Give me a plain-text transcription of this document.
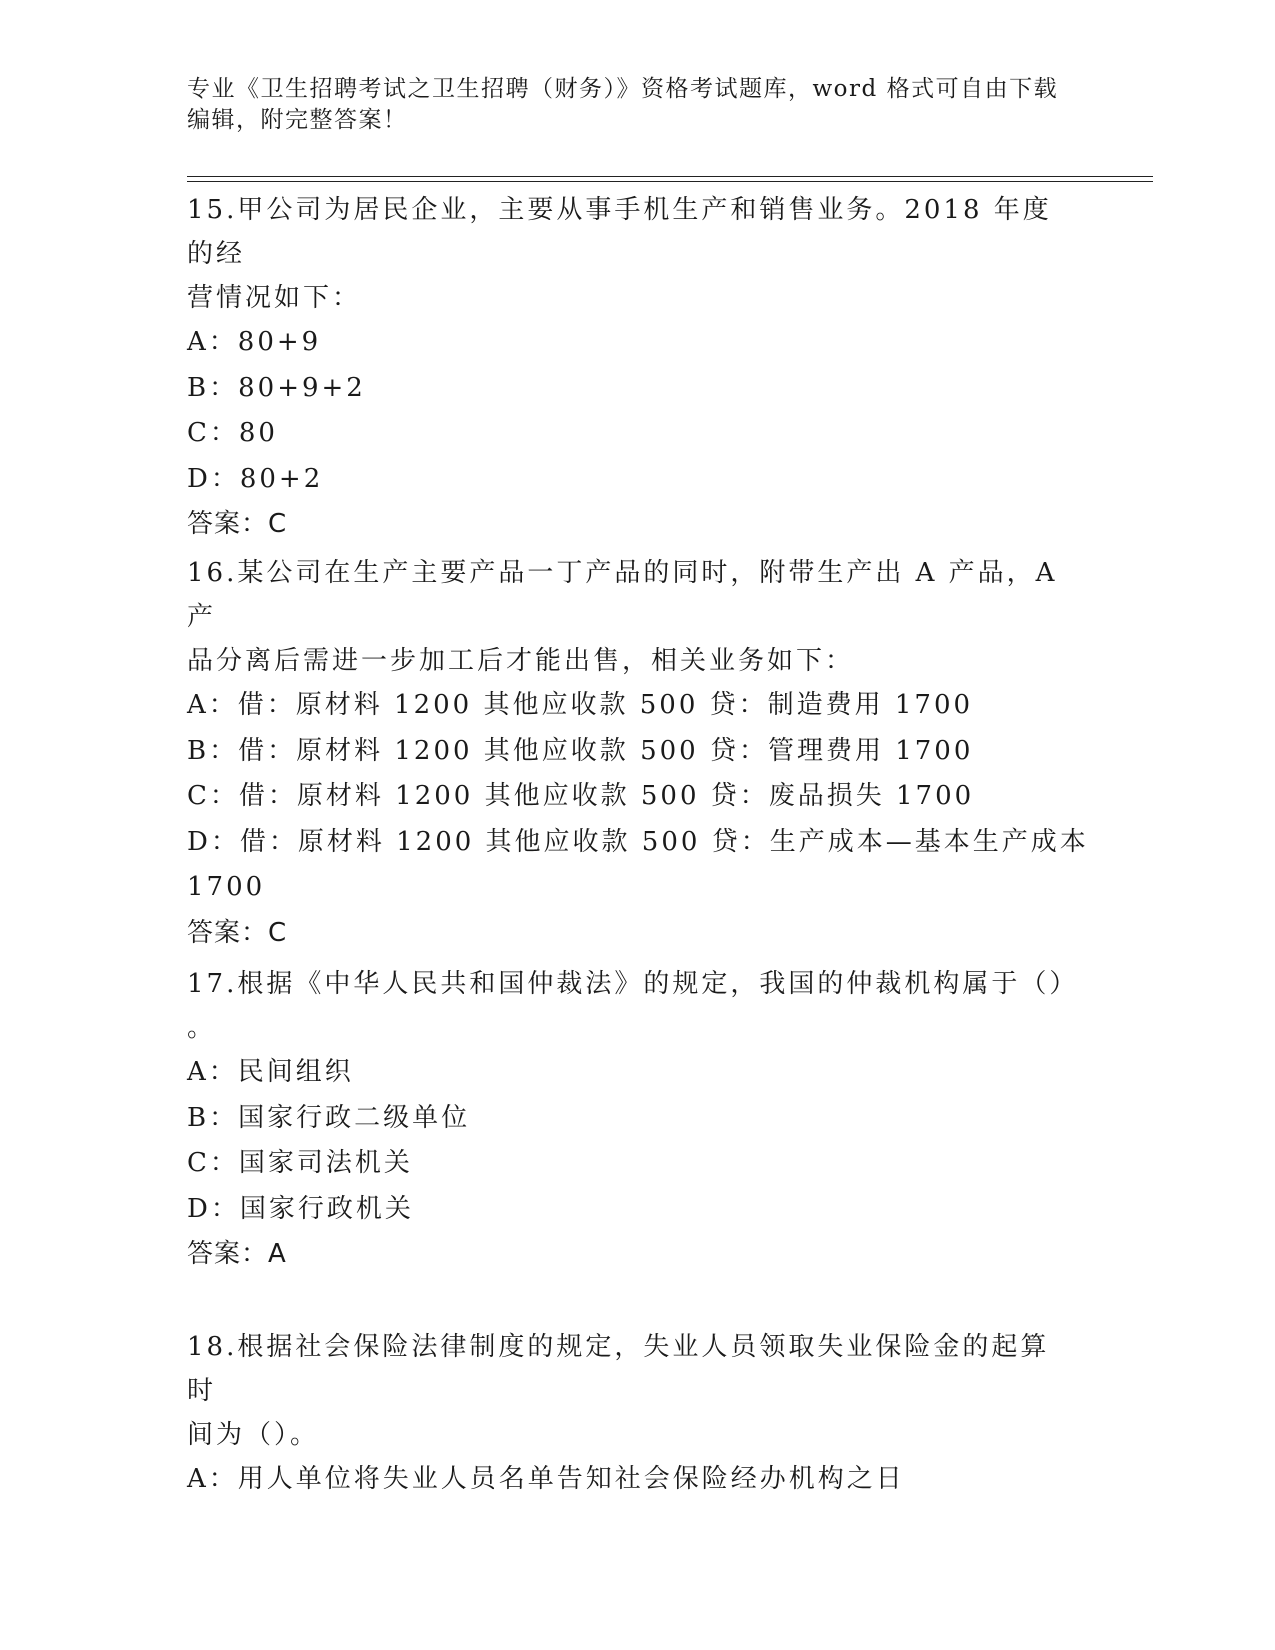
专业《卫生招聘考试之卫生招聘（财务）》资格考试题库，word 格式可自由下载
编辑，附完整答案！

15.甲公司为居民企业，主要从事手机生产和销售业务。2018 年度的经

营情况如下：

A：80+9

B：80+9+2

C：80

D：80+2

答案：C

16.某公司在生产主要产品一丁产品的同时，附带生产出 A 产品，A 产

品分离后需进一步加工后才能出售，相关业务如下：

A：借：原材料 1200 其他应收款 500 贷：制造费用 1700

B：借：原材料 1200 其他应收款 500 贷：管理费用 1700

C：借：原材料 1200 其他应收款 500 贷：废品损失 1700

D：借：原材料 1200 其他应收款 500 贷：生产成本—基本生产成本

1700

答案：C

17.根据《中华人民共和国仲裁法》的规定，我国的仲裁机构属于（）

。

A：民间组织

B：国家行政二级单位

C：国家司法机关

D：国家行政机关

答案：A

18.根据社会保险法律制度的规定，失业人员领取失业保险金的起算时

间为（）。

A：用人单位将失业人员名单告知社会保险经办机构之日
